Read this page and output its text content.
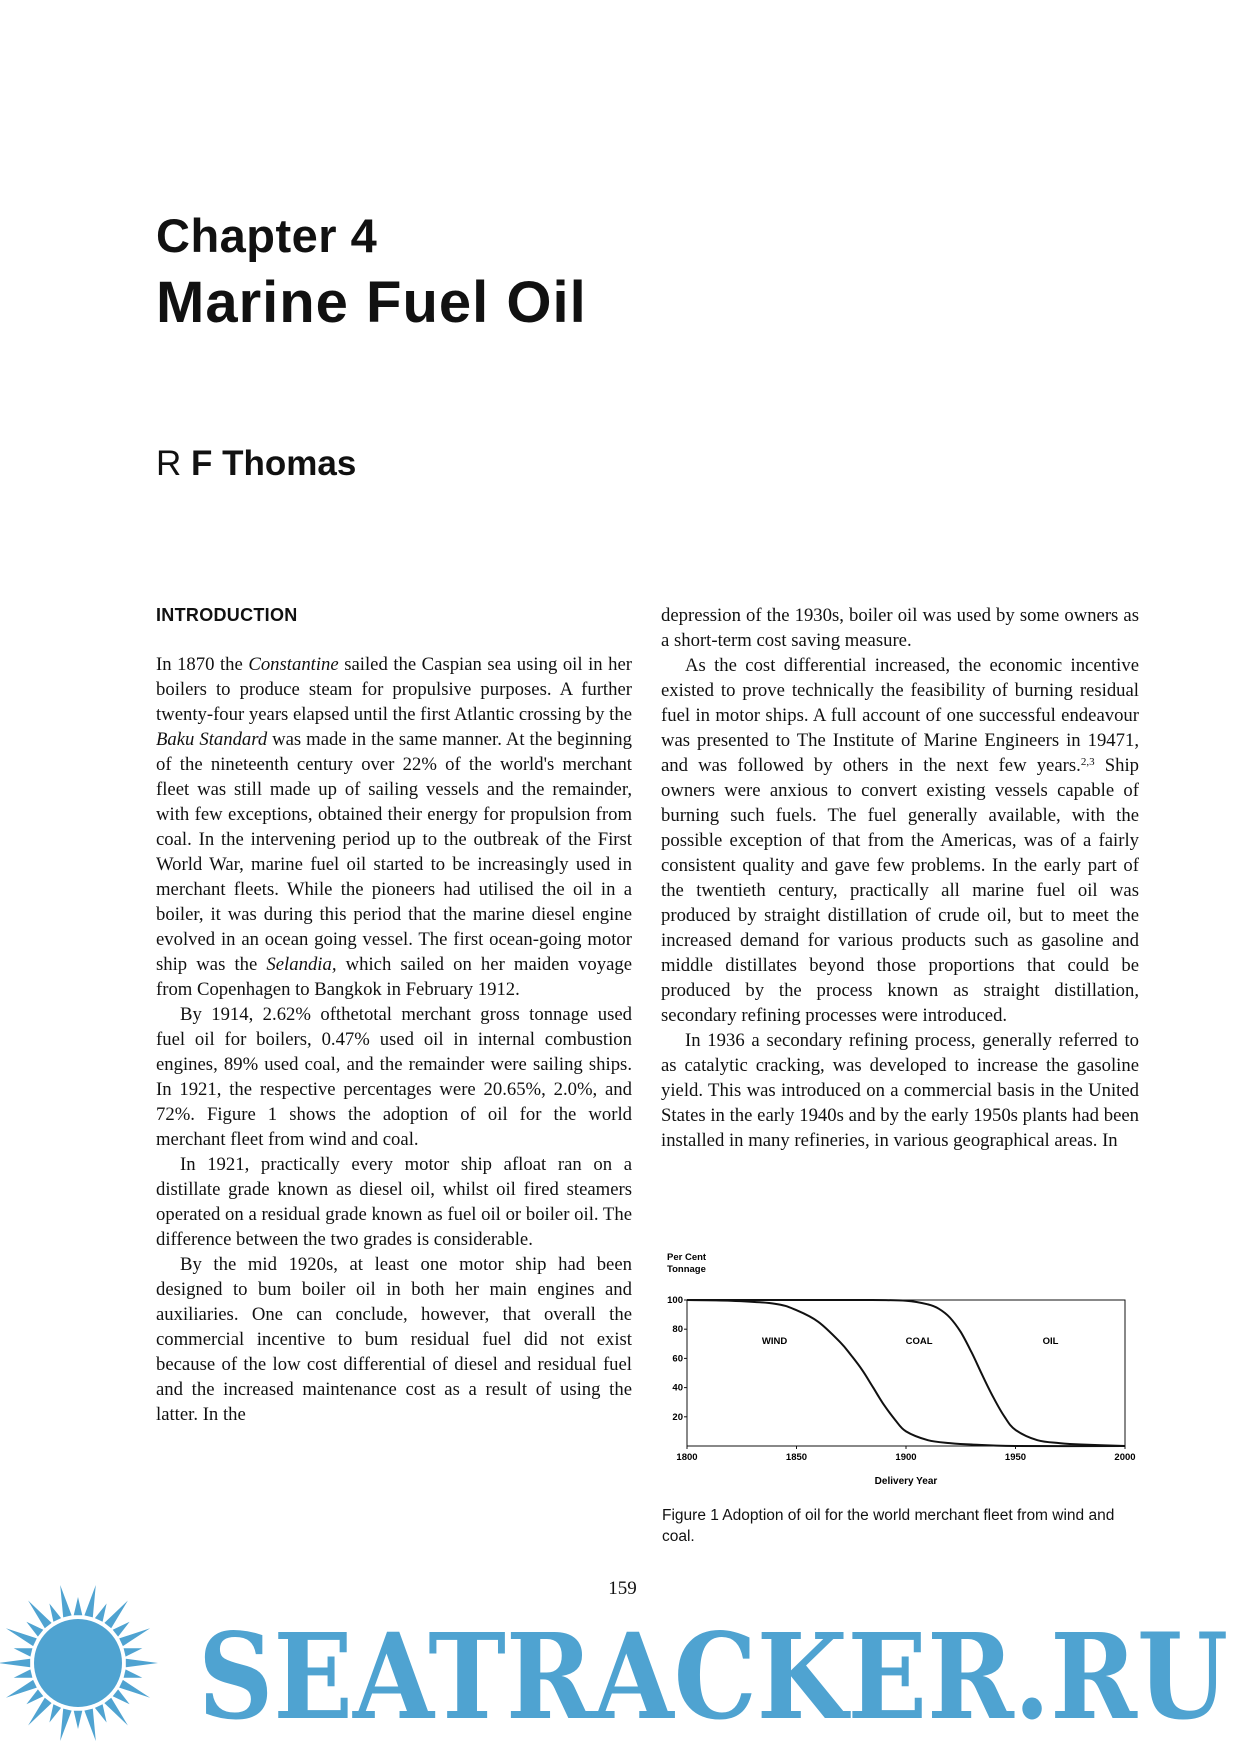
Chapter 4
Marine Fuel Oil
R F Thomas
INTRODUCTION

In 1870 the Constantine sailed the Caspian sea using oil in her boilers to produce steam for propulsive purposes. A further twenty-four years elapsed until the first Atlantic crossing by the Baku Standard was made in the same manner. At the beginning of the nineteenth century over 22% of the world's merchant fleet was still made up of sailing vessels and the remainder, with few exceptions, obtained their energy for propulsion from coal. In the intervening period up to the outbreak of the First World War, marine fuel oil started to be increasingly used in merchant fleets. While the pioneers had utilised the oil in a boiler, it was during this period that the marine diesel engine evolved in an ocean going vessel. The first ocean-going motor ship was the Selandia, which sailed on her maiden voyage from Copenhagen to Bangkok in February 1912.

By 1914, 2.62% ofthetotal merchant gross tonnage used fuel oil for boilers, 0.47% used oil in internal combustion engines, 89% used coal, and the remainder were sailing ships. In 1921, the respective percentages were 20.65%, 2.0%, and 72%. Figure 1 shows the adoption of oil for the world merchant fleet from wind and coal.

In 1921, practically every motor ship afloat ran on a distillate grade known as diesel oil, whilst oil fired steamers operated on a residual grade known as fuel oil or boiler oil. The difference between the two grades is considerable.

By the mid 1920s, at least one motor ship had been designed to bum boiler oil in both her main engines and auxiliaries. One can conclude, however, that overall the commercial incentive to bum residual fuel did not exist because of the low cost differential of diesel and residual fuel and the increased maintenance cost as a result of using the latter. In the

depression of the 1930s, boiler oil was used by some owners as a short-term cost saving measure.

As the cost differential increased, the economic incentive existed to prove technically the feasibility of burning residual fuel in motor ships. A full account of one successful endeavour was presented to The Institute of Marine Engineers in 19471, and was followed by others in the next few years.$^{2,3}$ Ship owners were anxious to convert existing vessels capable of burning such fuels. The fuel generally available, with the possible exception of that from the Americas, was of a fairly consistent quality and gave few problems. In the early part of the twentieth century, practically all marine fuel oil was produced by straight distillation of crude oil, but to meet the increased demand for various products such as gasoline and middle distillates beyond those proportions that could be produced by the process known as straight distillation, secondary refining processes were introduced.

In 1936 a secondary refining process, generally referred to as catalytic cracking, was developed to increase the gasoline yield. This was introduced on a commercial basis in the United States in the early 1940s and by the early 1950s plants had been installed in many refineries, in various geographical areas. In

Per Cent
Tonnage
100
80
60
40
20
1800	1850	1900	1950	2000
Delivery Year
WIND	COAL	OIL

Figure 1 Adoption of oil for the world merchant fleet from wind and coal.

159
SEATRACKER.RU
